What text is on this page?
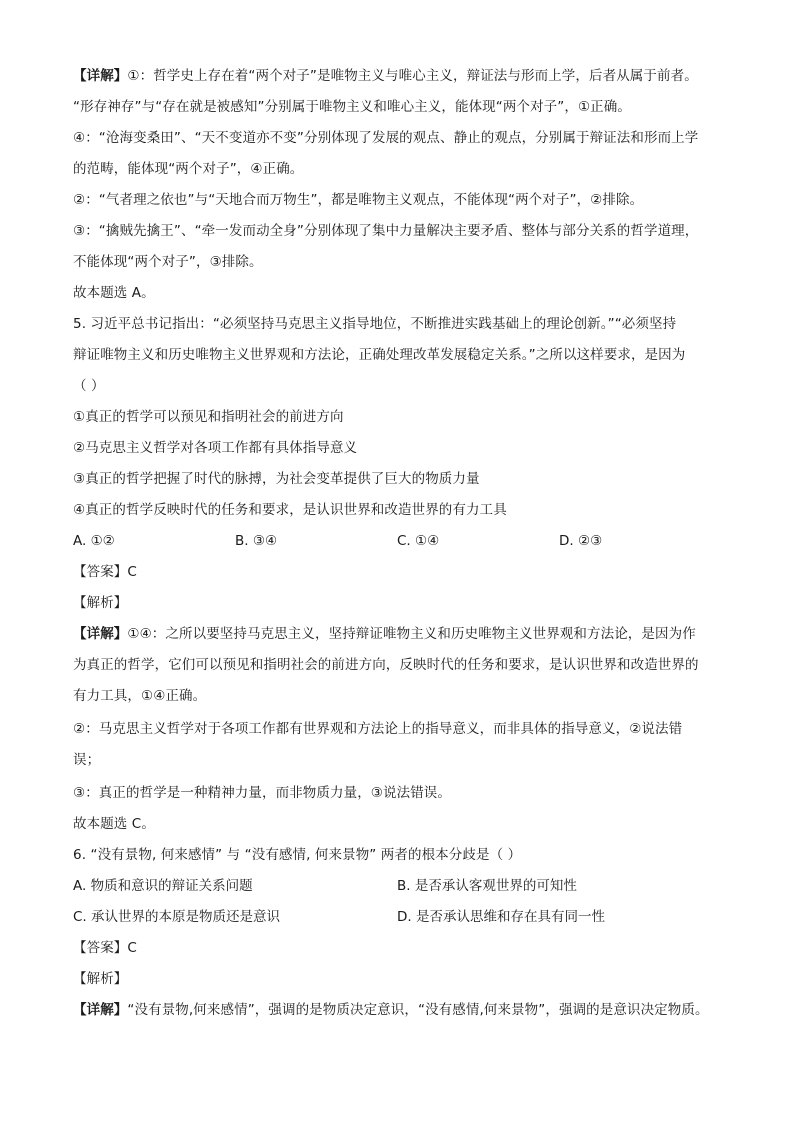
【详解】①：哲学史上存在着“两个对子”是唯物主义与唯心主义，辩证法与形而上学，后者从属于前者。
“形存神存”与“存在就是被感知”分别属于唯物主义和唯心主义，能体现“两个对子”，①正确。
④：“沧海变桑田”、“天不变道亦不变”分别体现了发展的观点、静止的观点，分别属于辩证法和形而上学
的范畴，能体现“两个对子”，④正确。
②：“气者理之依也”与“天地合而万物生”，都是唯物主义观点，不能体现“两个对子”，②排除。
③：“擒贼先擒王”、“牵一发而动全身”分别体现了集中力量解决主要矛盾、整体与部分关系的哲学道理，
不能体现“两个对子”，③排除。
故本题选 A。
5. 习近平总书记指出：“必须坚持马克思主义指导地位，不断推进实践基础上的理论创新。”“必须坚持
辩证唯物主义和历史唯物主义世界观和方法论，正确处理改革发展稳定关系。”之所以这样要求，是因为
（ ）
①真正的哲学可以预见和指明社会的前进方向
②马克思主义哲学对各项工作都有具体指导意义
③真正的哲学把握了时代的脉搏，为社会变革提供了巨大的物质力量
④真正的哲学反映时代的任务和要求，是认识世界和改造世界的有力工具
A. ①②	B. ③④	C. ①④	D. ②③
【答案】C
【解析】
【详解】①④：之所以要坚持马克思主义，坚持辩证唯物主义和历史唯物主义世界观和方法论，是因为作
为真正的哲学，它们可以预见和指明社会的前进方向，反映时代的任务和要求，是认识世界和改造世界的
有力工具，①④正确。
②：马克思主义哲学对于各项工作都有世界观和方法论上的指导意义，而非具体的指导意义，②说法错
误；
③：真正的哲学是一种精神力量，而非物质力量，③说法错误。
故本题选 C。
6. “没有景物, 何来感情” 与 “没有感情, 何来景物” 两者的根本分歧是（ ）
A. 物质和意识的辩证关系问题	B. 是否承认客观世界的可知性
C. 承认世界的本原是物质还是意识	D. 是否承认思维和存在具有同一性
【答案】C
【解析】
【详解】“没有景物,何来感情”，强调的是物质决定意识，“没有感情,何来景物”，强调的是意识决定物质。
